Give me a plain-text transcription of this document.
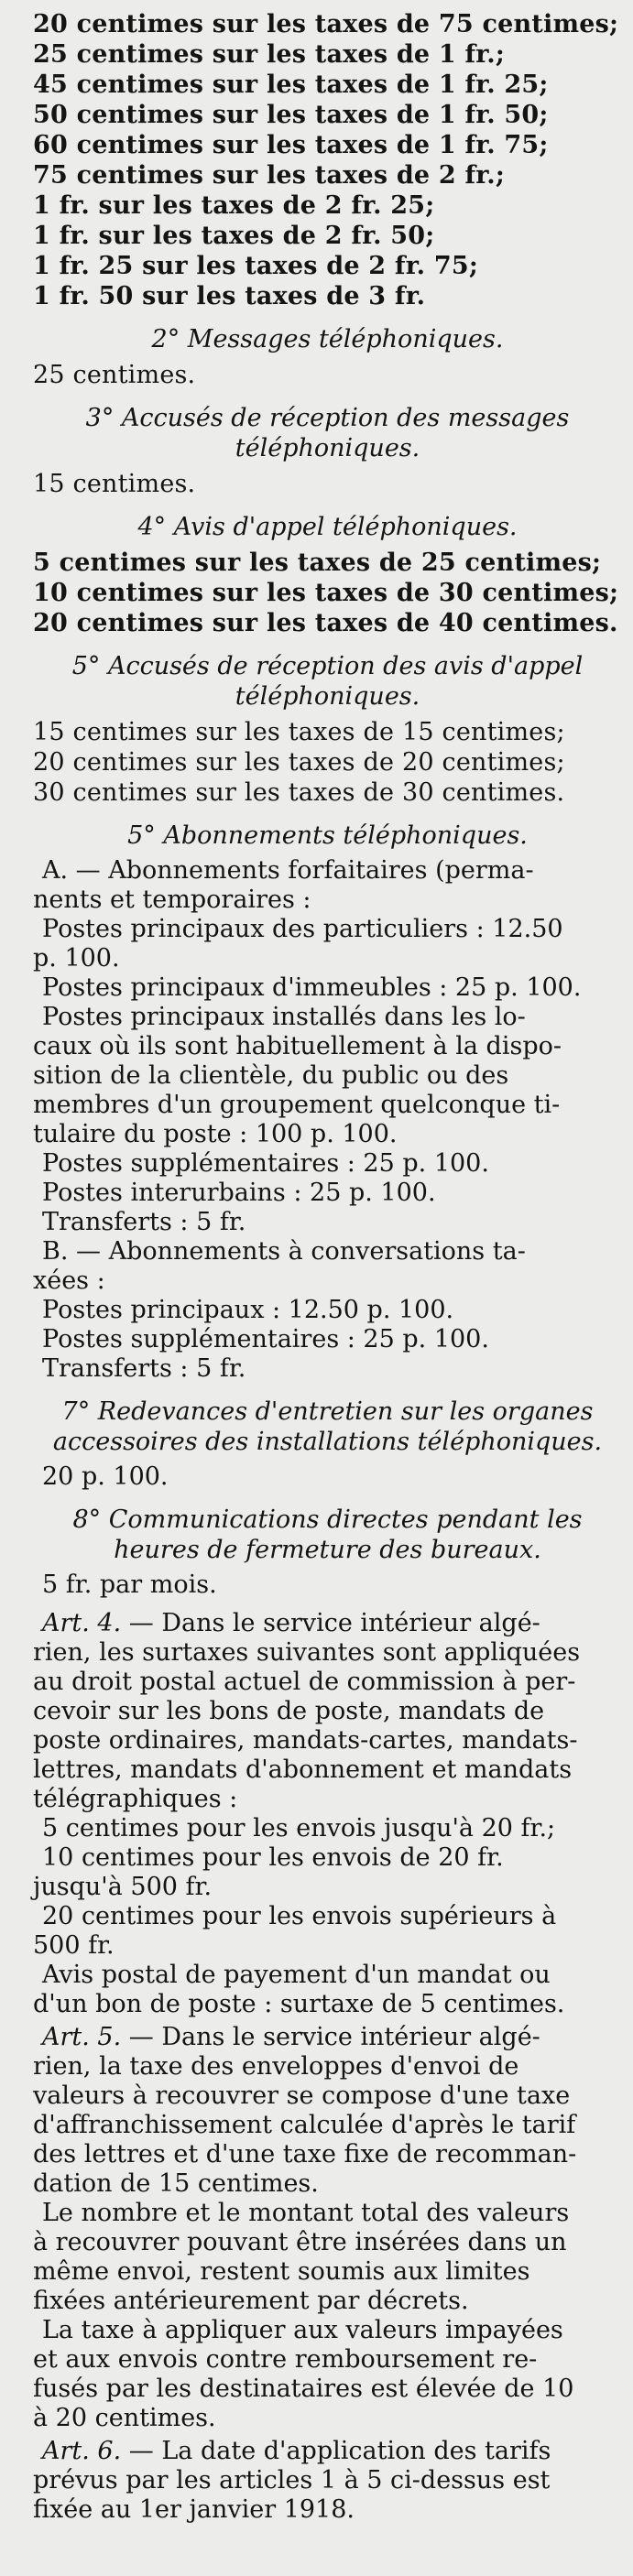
20 centimes sur les taxes de 75 centimes;
25 centimes sur les taxes de 1 fr.;
45 centimes sur les taxes de 1 fr. 25;
50 centimes sur les taxes de 1 fr. 50;
60 centimes sur les taxes de 1 fr. 75;
75 centimes sur les taxes de 2 fr.;
1 fr. sur les taxes de 2 fr. 25;
1 fr. sur les taxes de 2 fr. 50;
1 fr. 25 sur les taxes de 2 fr. 75;
1 fr. 50 sur les taxes de 3 fr.
2° Messages téléphoniques.
25 centimes.
3° Accusés de réception des messages
téléphoniques.
15 centimes.
4° Avis d'appel téléphoniques.
5 centimes sur les taxes de 25 centimes;
10 centimes sur les taxes de 30 centimes;
20 centimes sur les taxes de 40 centimes.
5° Accusés de réception des avis d'appel
téléphoniques.
15 centimes sur les taxes de 15 centimes;
20 centimes sur les taxes de 20 centimes;
30 centimes sur les taxes de 30 centimes.
5° Abonnements téléphoniques.
A. — Abonnements forfaitaires (perma-
nents et temporaires :
Postes principaux des particuliers : 12.50
p. 100.
Postes principaux d'immeubles : 25 p. 100.
Postes principaux installés dans les lo-
caux où ils sont habituellement à la dispo-
sition de la clientèle, du public ou des
membres d'un groupement quelconque ti-
tulaire du poste : 100 p. 100.
Postes supplémentaires : 25 p. 100.
Postes interurbains : 25 p. 100.
Transferts : 5 fr.
B. — Abonnements à conversations ta-
xées :
Postes principaux : 12.50 p. 100.
Postes supplémentaires : 25 p. 100.
Transferts : 5 fr.
7° Redevances d'entretien sur les organes
accessoires des installations téléphoniques.
20 p. 100.
8° Communications directes pendant les
heures de fermeture des bureaux.
5 fr. par mois.
Art. 4. — Dans le service intérieur algé-
rien, les surtaxes suivantes sont appliquées
au droit postal actuel de commission à per-
cevoir sur les bons de poste, mandats de
poste ordinaires, mandats-cartes, mandats-
lettres, mandats d'abonnement et mandats
télégraphiques :
5 centimes pour les envois jusqu'à 20 fr.;
10 centimes pour les envois de 20 fr.
jusqu'à 500 fr.
20 centimes pour les envois supérieurs à
500 fr.
Avis postal de payement d'un mandat ou
d'un bon de poste : surtaxe de 5 centimes.
Art. 5. — Dans le service intérieur algé-
rien, la taxe des enveloppes d'envoi de
valeurs à recouvrer se compose d'une taxe
d'affranchissement calculée d'après le tarif
des lettres et d'une taxe fixe de recomman-
dation de 15 centimes.
Le nombre et le montant total des valeurs
à recouvrer pouvant être insérées dans un
même envoi, restent soumis aux limites
fixées antérieurement par décrets.
La taxe à appliquer aux valeurs impayées
et aux envois contre remboursement re-
fusés par les destinataires est élevée de 10
à 20 centimes.
Art. 6. — La date d'application des tarifs
prévus par les articles 1 à 5 ci-dessus est
fixée au 1er janvier 1918.
